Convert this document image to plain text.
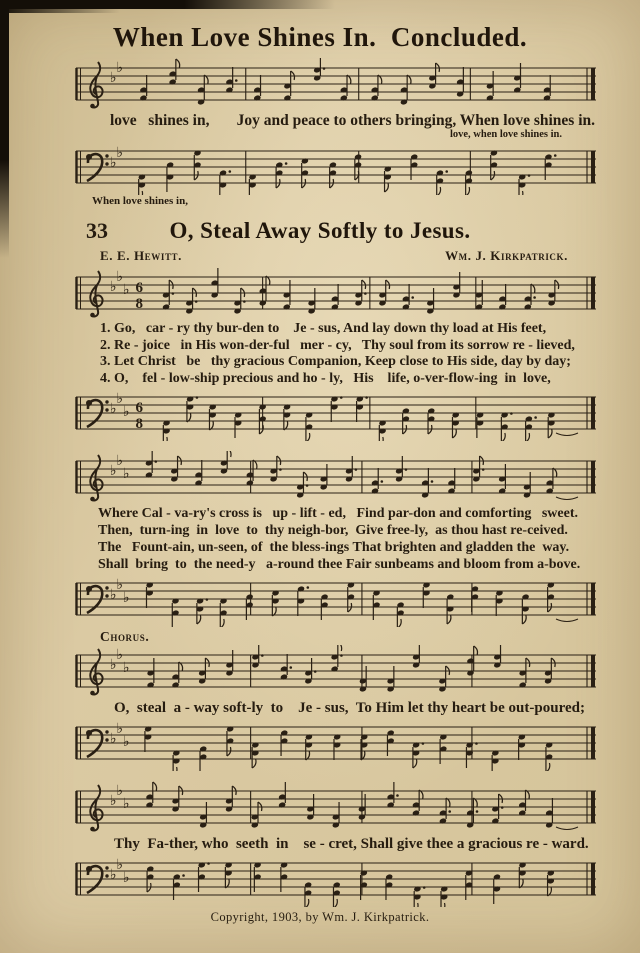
When Love Shines In.  Concluded.
♭
♭
love   shines in,       Joy and peace to others bringing, When love shines in.
love, when love shines in.
♭
♭
When love shines in,
33	O, Steal Away Softly to Jesus.
E. E. Hewitt.	Wm. J. Kirkpatrick.
♭
♭
♭ 6
8
1. Go,   car - ry thy bur-den to    Je - sus, And lay down thy load at His feet,
2. Re - joice   in His won-der-ful   mer - cy,   Thy soul from its sorrow re - lieved,
3. Let Christ   be   thy gracious Companion, Keep close to His side, day by day;
4. O,    fel - low-ship precious and ho - ly,   His    life, o-ver-flow-ing  in  love,
♭
♭
♭ 6
8
♭
♭
♭
Where Cal - va-ry's cross is   up - lift - ed,   Find par-don and comforting   sweet.
Then,  turn-ing  in  love  to  thy neigh-bor,  Give free-ly,  as thou hast re-ceived.
The   Fount-ain, un-seen, of  the bless-ings That brighten and gladden the  way.
Shall  bring  to  the need-y   a-round thee Fair sunbeams and bloom from a-bove.
♭
♭
♭
Chorus.
♭
♭
♭
O,  steal  a - way soft-ly  to    Je - sus,  To Him let thy heart be out-poured;
♭
♭
♭
♭
♭
♭
Thy  Fa-ther, who  seeth  in    se - cret, Shall give thee a gracious re - ward.
♭
♭
♭
Copyright, 1903, by Wm. J. Kirkpatrick.
